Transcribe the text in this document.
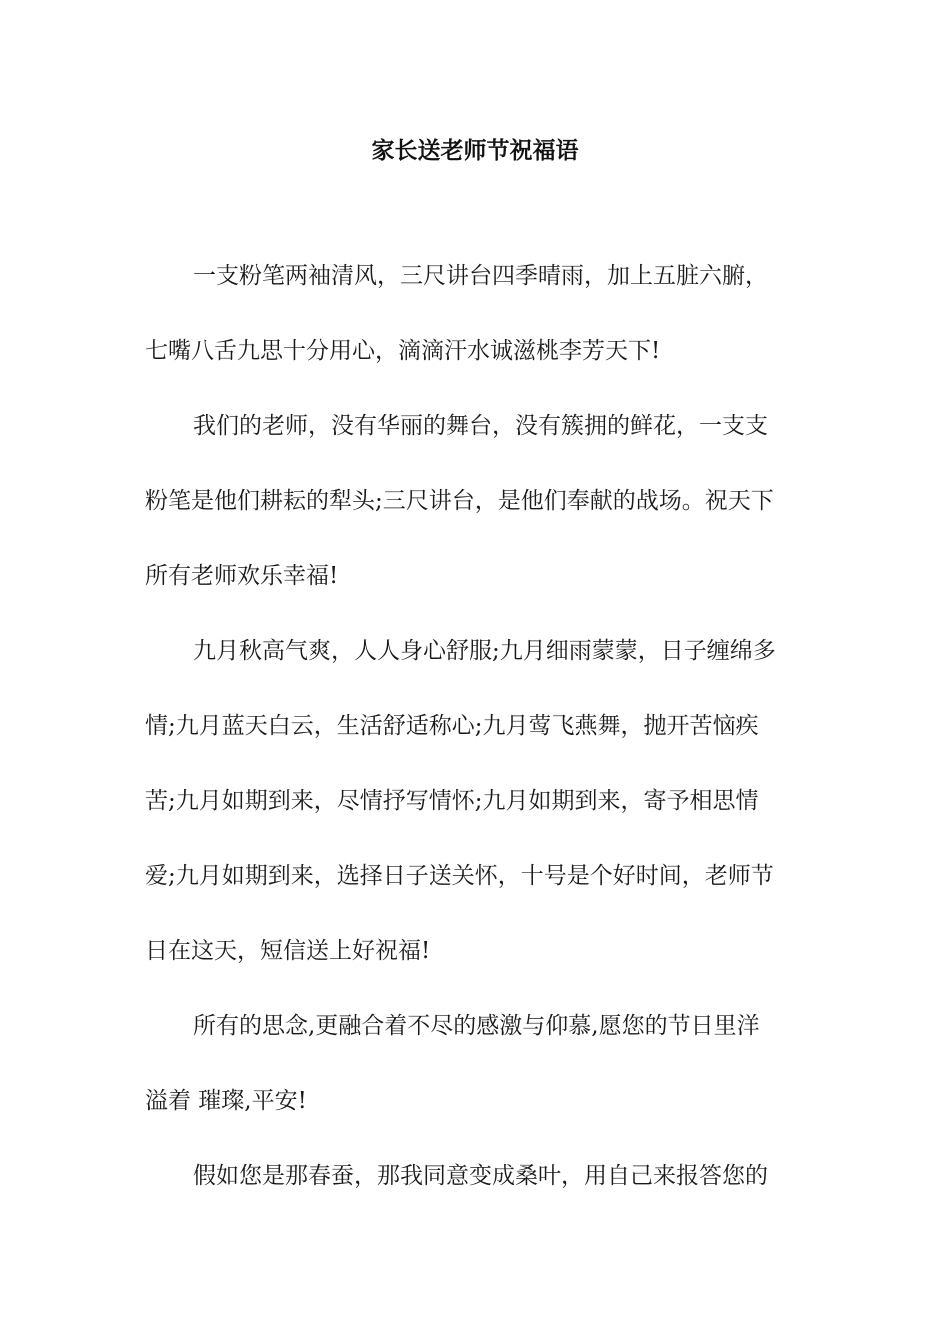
家长送老师节祝福语
一支粉笔两袖清风，三尺讲台四季晴雨，加上五脏六腑，
七嘴八舌九思十分用心，滴滴汗水诚滋桃李芳天下!
我们的老师，没有华丽的舞台，没有簇拥的鲜花，一支支
粉笔是他们耕耘的犁头;三尺讲台，是他们奉献的战场。祝天下
所有老师欢乐幸福!
九月秋高气爽，人人身心舒服;九月细雨蒙蒙，日子缠绵多
情;九月蓝天白云，生活舒适称心;九月莺飞燕舞，抛开苦恼疾
苦;九月如期到来，尽情抒写情怀;九月如期到来，寄予相思情
爱;九月如期到来，选择日子送关怀，十号是个好时间，老师节
日在这天，短信送上好祝福!
所有的思念,更融合着不尽的感激与仰慕,愿您的节日里洋
溢着 璀璨,平安!
假如您是那春蚕，那我同意变成桑叶，用自己来报答您的
